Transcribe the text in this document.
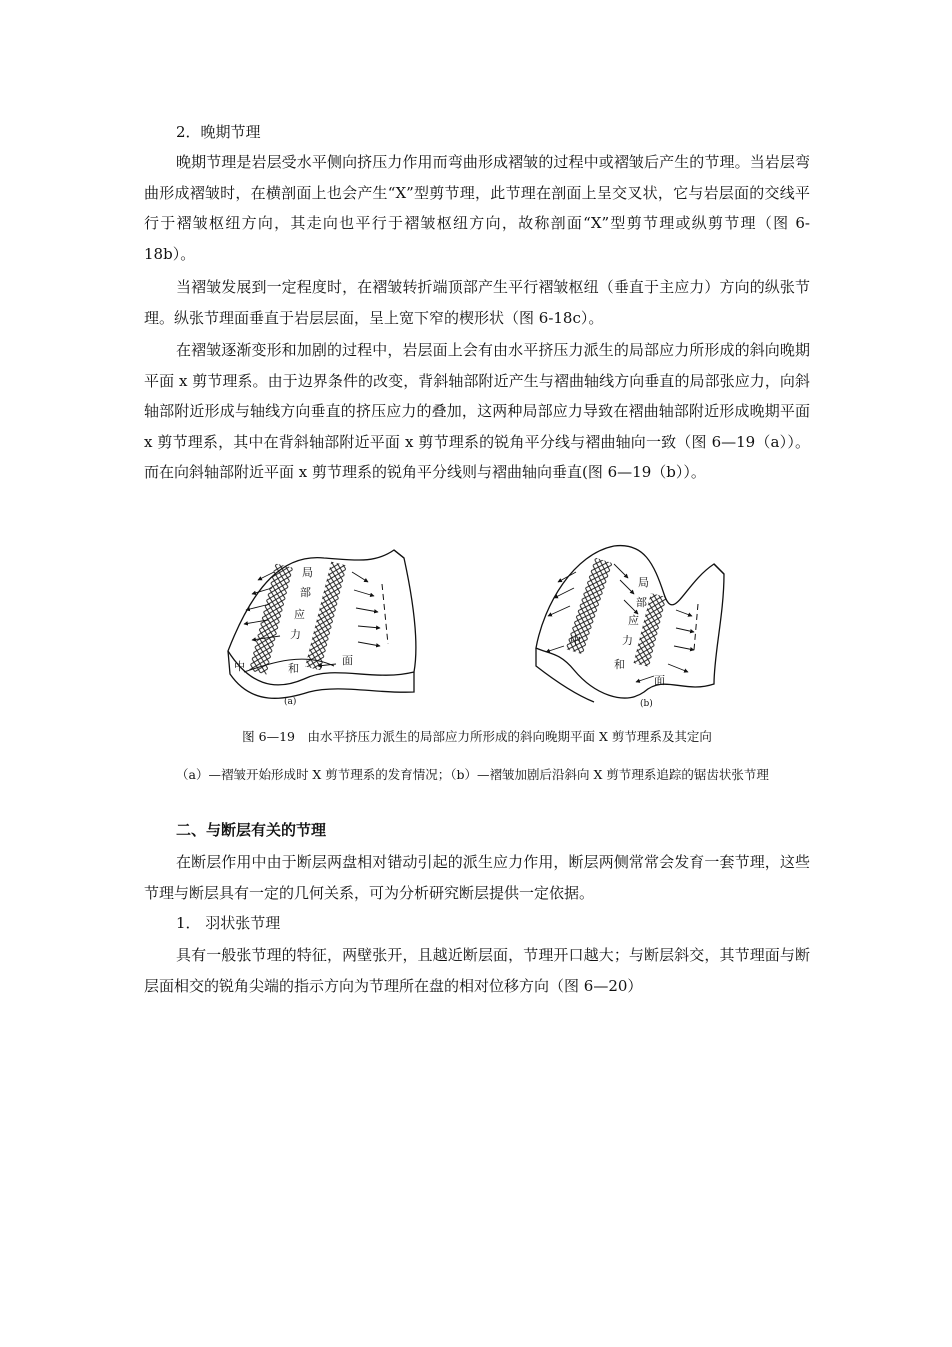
2．晚期节理

晚期节理是岩层受水平侧向挤压力作用而弯曲形成褶皱的过程中或褶皱后产生的节理。当岩层弯曲形成褶皱时，在横剖面上也会产生“X”型剪节理，此节理在剖面上呈交叉状，它与岩层面的交线平行于褶皱枢纽方向，其走向也平行于褶皱枢纽方向，故称剖面“X”型剪节理或纵剪节理（图 6-18b）。

当褶皱发展到一定程度时，在褶皱转折端顶部产生平行褶皱枢纽（垂直于主应力）方向的纵张节理。纵张节理面垂直于岩层层面，呈上宽下窄的楔形状（图 6-18c）。

在褶皱逐渐变形和加剧的过程中，岩层面上会有由水平挤压力派生的局部应力所形成的斜向晚期平面 x 剪节理系。由于边界条件的改变，背斜轴部附近产生与褶曲轴线方向垂直的局部张应力，向斜轴部附近形成与轴线方向垂直的挤压应力的叠加，这两种局部应力导致在褶曲轴部附近形成晚期平面 x 剪节理系，其中在背斜轴部附近平面 x 剪节理系的锐角平分线与褶曲轴向一致（图 6—19（a））。而在向斜轴部附近平面 x 剪节理系的锐角平分线则与褶曲轴向垂直(图 6—19（b））。

局
部
应
力
中	和
面
(a)
局
部
应
力
中
和
面
(b)

图 6—19　由水平挤压力派生的局部应力所形成的斜向晚期平面 X 剪节理系及其定向

（a）—褶皱开始形成时 X 剪节理系的发育情况；（b）—褶皱加剧后沿斜向 X 剪节理系追踪的锯齿状张节理

二、与断层有关的节理

在断层作用中由于断层两盘相对错动引起的派生应力作用，断层两侧常常会发育一套节理，这些节理与断层具有一定的几何关系，可为分析研究断层提供一定依据。

1． 羽状张节理

具有一般张节理的特征，两壁张开，且越近断层面，节理开口越大；与断层斜交，其节理面与断层面相交的锐角尖端的指示方向为节理所在盘的相对位移方向（图 6—20）
